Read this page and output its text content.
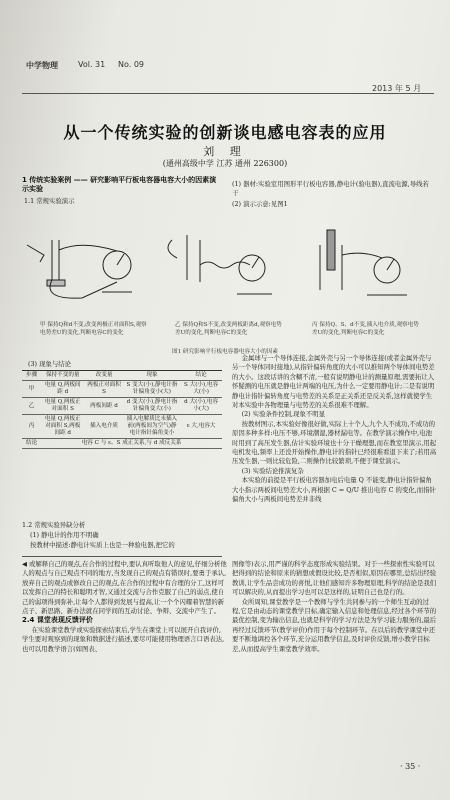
中学物理	Vol. 31 No. 09
2013 年 5 月
从一个传统实验的创新谈电感电容表的应用
刘 理
(通州高级中学 江苏 通州 226300)
1 传统实验案例 —— 研究影响平行板电容器电容大小的因素演示实验
1.1 常规实验演示
(1) 器材:实验室用图形平行板电容器,静电计(验电器),直流电源,导线若干
(2) 演示示意:见图1
甲 保持Q和d不变,改变两极正对面积S,观察电势差U的变化,判断电容C的变化
乙 保持Q和S不变,改变两板距离d,观察电势差U的变化,判断电容C的变化
丙 保持Q、S、d不变,插入电介质,观察电势差U的变化,判断电容C的变化
图1 研究影响平行板电容器电容大小的因素
(3) 现象与结论
步骤	保持不变的量	改变量	现象	结论
甲	电量 Q,两板间距 d	两板正对面积 S	S 变大(小),静电计指针偏角变小(大)	S 大(小),电容大(小)
乙	电量 Q,两板正对面积 S	两板间距 d	d 变大(小),静电计指针偏角变大(小)	d 大(小),电容小(大)
丙	电量 Q,两板正对面积 S,两板间距 d	插入电介质	插入电解质比未插入前(两板间为空气)静电计指针偏角变小	ε 大,电容大
结论	电容 C 与 ε、S 成正关系,与 d 成反关系			
1.2 常规实验异缺分析
(1) 静电计的作用不明确
按教材中描述:静电计实质上也是一种验电器,把它的

金属球与一个导体连接,金属外壳与另一个导体连接(或者金属外壳与另一个导体同时接地),从指针偏转角度的大小可以推知两个导体间电势差的大小。这段话讲的含糊不清,一般有说明静电计的测量原理,需要拓让人怀疑测的电压就是静电计两端的电压,为什么一定要用静电计;二是有说明静电计指针偏转角度与电势差的关系是正关系还是反关系,这样就使学生对本实验中各物理量与电势差的关系很难不理解。

(2) 实验条件控制,现象不明显

按教材图示,本实验好像很好做,实际上十个人,九个人不成功,不成功的原因多种多样:电压不够,环境潮湿,器材漏电等。在教学演示操作中,电池时用到了高压发生器,估计实验环境也十分干燥理想,而在教室里演示,用起电机发电,频率上还没开始操作,静电计的指针已经很难看退下来了;若用高压发生器,一则比较危险,二则操作比较繁琐,不便于课堂演示。

(3) 实验结论推演复杂

本实验的前提是平行板电容器加电后电量 Q 不能变,静电计指针偏角大小指示两板间电势差大小,再根据 C = Q/U 推出电容 C 的变化,而指针偏角大小与两板间电势差并非线

◀ 或解释自己的观点,在合作的过程中,要认真听取他人的意见,仔细分析他人的观点与自己观点不同的地方,当发现自己的观点有错误时,要勇于承认,放弃自己的观点或修改自己的观点,在合作的过程中有合理的分工,这样可以发挥自己的特长和聪明才智,又通过交流与合作克服了自己的弱点,使自己的弱项得到弥补,让每个人都得到发展与提高,让一个个闪耀着智慧的新点子、新思路、新办法就在同学间的互动讨论、争辩、交流中产生了。

2.4 课堂表现反馈评价

在实验课堂教学或实验探索结束后,学生在课堂上可以展开自我评价,学生要对观察到的现象和数据进行描述,要尽可能使用物理语言口语表达,也可以用教学语言(如图表、

图像等)表示,用严谨的科学态度形成实验结果。对于一些探索性实验可以把得到的结论和原来的猜想或假设比较,是否相似,原因在哪里,总结出经验教训,让学生品尝成功的喜悦,让他们感知许多物理原理,科学的结论是我们可以解决的,从而提出学习也可以是这样的,证明自己也是行的。

众所周知,课堂教学是一个教师与学生共同参与的一个师生互动的过程,它是由动态的课堂教学目标,确定输入信息和处理信息,经过各个环节的最优控制,变为输出信息,也就是科学的学习方法是为学习能力服务的,最后再经过反馈环节(教学评价)作用于每个控制环节。在以后的教学课堂中还要不断地调控各个环节,充分运用教学信息,及时评价反馈,增小教学目标差,从而提高学生课堂教学效率。

· 35 ·
